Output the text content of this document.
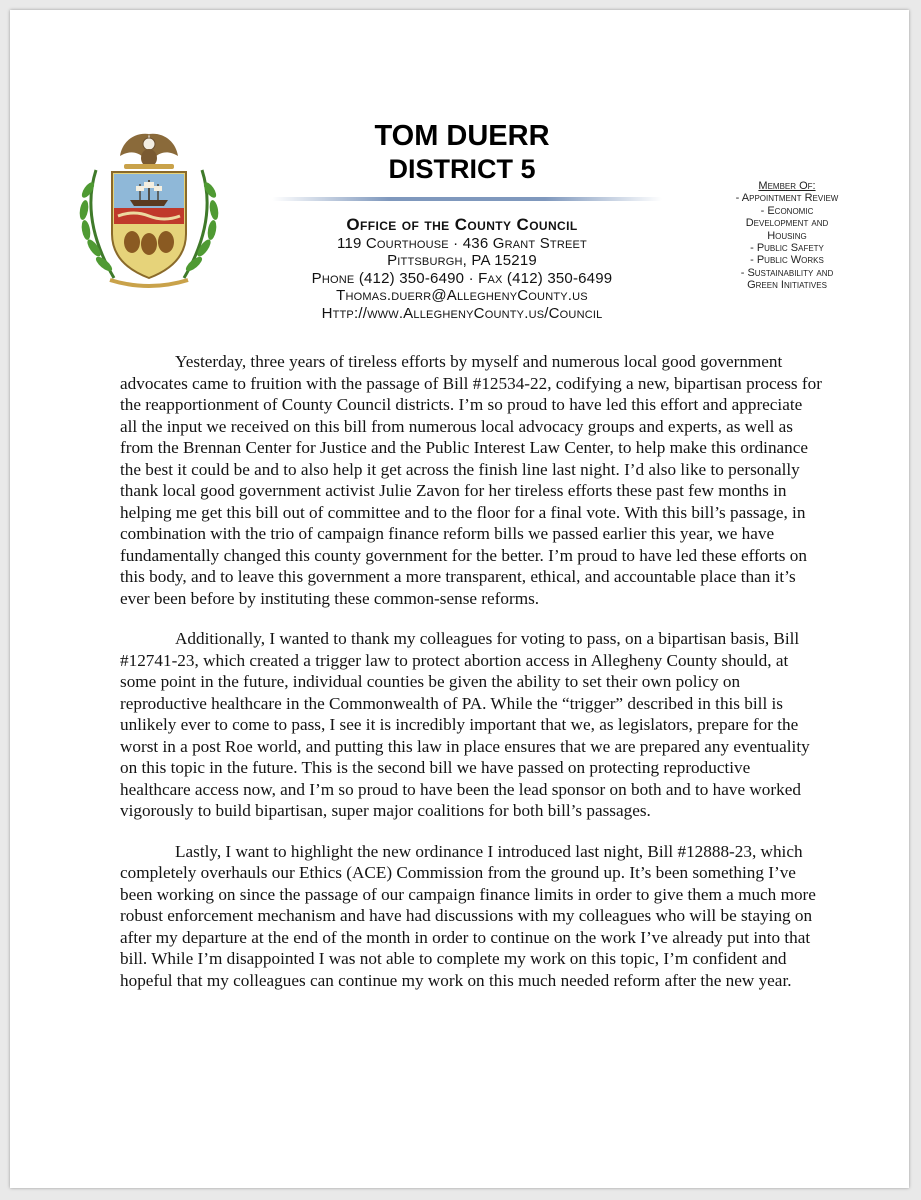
TOM DUERR
DISTRICT 5
Office of the County Council
119 Courthouse · 436 Grant Street
Pittsburgh, PA 15219
Phone (412) 350-6490 · Fax (412) 350-6499
Thomas.duerr@AlleghenyCounty.us
Http://www.AlleghenyCounty.us/Council
Member Of:
- Appointment Review
- Economic
Development and
Housing
- Public Safety
- Public Works
- Sustainability and
Green Initiatives

Yesterday, three years of tireless efforts by myself and numerous local good government advocates came to fruition with the passage of Bill #12534-22, codifying a new, bipartisan process for the reapportionment of County Council districts. I’m so proud to have led this effort and appreciate all the input we received on this bill from numerous local advocacy groups and experts, as well as from the Brennan Center for Justice and the Public Interest Law Center, to help make this ordinance the best it could be and to also help it get across the finish line last night. I’d also like to personally thank local good government activist Julie Zavon for her tireless efforts these past few months in helping me get this bill out of committee and to the floor for a final vote. With this bill’s passage, in combination with the trio of campaign finance reform bills we passed earlier this year, we have fundamentally changed this county government for the better. I’m proud to have led these efforts on this body, and to leave this government a more transparent, ethical, and accountable place than it’s ever been before by instituting these common-sense reforms.

Additionally, I wanted to thank my colleagues for voting to pass, on a bipartisan basis, Bill #12741-23, which created a trigger law to protect abortion access in Allegheny County should, at some point in the future, individual counties be given the ability to set their own policy on reproductive healthcare in the Commonwealth of PA. While the “trigger” described in this bill is unlikely ever to come to pass, I see it is incredibly important that we, as legislators, prepare for the worst in a post Roe world, and putting this law in place ensures that we are prepared any eventuality on this topic in the future. This is the second bill we have passed on protecting reproductive healthcare access now, and I’m so proud to have been the lead sponsor on both and to have worked vigorously to build bipartisan, super major coalitions for both bill’s passages.

Lastly, I want to highlight the new ordinance I introduced last night, Bill #12888-23, which completely overhauls our Ethics (ACE) Commission from the ground up. It’s been something I’ve been working on since the passage of our campaign finance limits in order to give them a much more robust enforcement mechanism and have had discussions with my colleagues who will be staying on after my departure at the end of the month in order to continue on the work I’ve already put into that bill. While I’m disappointed I was not able to complete my work on this topic, I’m confident and hopeful that my colleagues can continue my work on this much needed reform after the new year.
